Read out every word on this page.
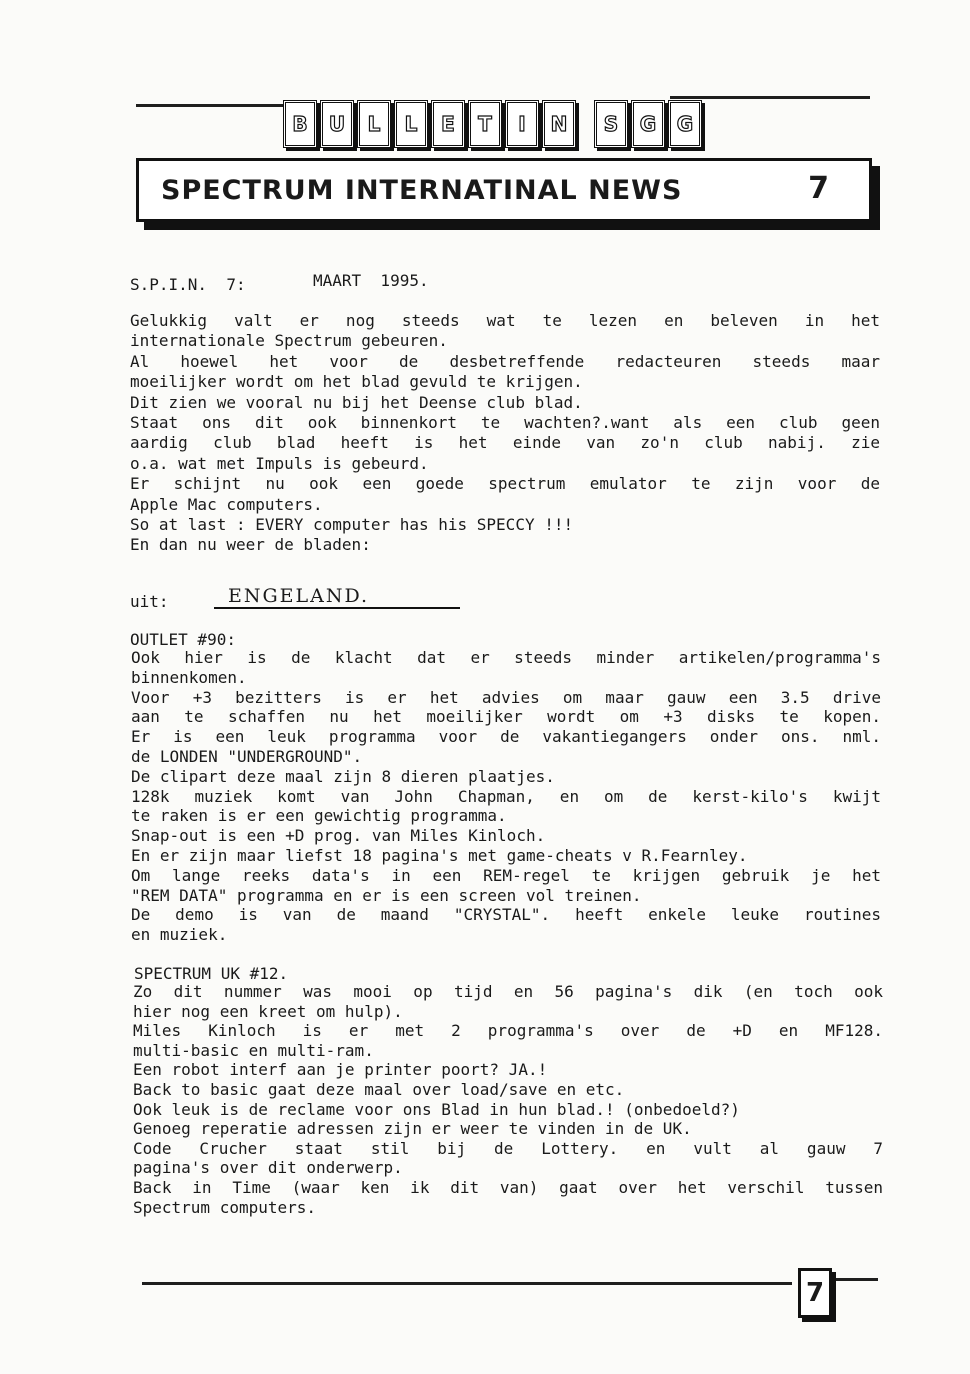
B	U	L	L	E	T	I	N	S	G	G
SPECTRUM INTERNATINAL NEWS	7
S.P.I.N.  7:	MAART  1995.
Gelukkig valt er nog steeds wat te lezen en beleven in het
internationale Spectrum gebeuren.
Al hoewel het voor de desbetreffende redacteuren steeds maar
moeilijker wordt om het blad gevuld te krijgen.
Dit zien we vooral nu bij het Deense club blad.
Staat ons dit ook binnenkort te wachten?.want als een club geen
aardig club blad heeft is het einde van zo'n club nabij. zie
o.a. wat met Impuls is gebeurd.
Er schijnt nu ook een goede spectrum emulator te zijn voor de
Apple Mac computers.
So at last : EVERY computer has his SPECCY !!!
En dan nu weer de bladen:
uit:	ENGELAND.
OUTLET #90:
Ook hier is de klacht dat er steeds minder artikelen/programma's
binnenkomen.
Voor +3 bezitters is er het advies om maar gauw een 3.5 drive
aan te schaffen nu het moeilijker wordt om +3 disks te kopen.
Er is een leuk programma voor de vakantiegangers onder ons. nml.
de LONDEN "UNDERGROUND".
De clipart deze maal zijn 8 dieren plaatjes.
128k muziek komt van John Chapman, en om de kerst-kilo's kwijt
te raken is er een gewichtig programma.
Snap-out is een +D prog. van Miles Kinloch.
En er zijn maar liefst 18 pagina's met game-cheats v R.Fearnley.
Om lange reeks data's in een REM-regel te krijgen gebruik je het
"REM DATA" programma en er is een screen vol treinen.
De demo is van de maand "CRYSTAL". heeft enkele leuke routines
en muziek.
SPECTRUM UK #12.
Zo dit nummer was mooi op tijd en 56 pagina's dik (en toch ook
hier nog een kreet om hulp).
Miles Kinloch is er met 2 programma's over de +D en MF128.
multi-basic en multi-ram.
Een robot interf aan je printer poort? JA.!
Back to basic gaat deze maal over load/save en etc.
Ook leuk is de reclame voor ons Blad in hun blad.! (onbedoeld?)
Genoeg reperatie adressen zijn er weer te vinden in de UK.
Code Crucher staat stil bij de Lottery. en vult al gauw 7
pagina's over dit onderwerp.
Back in Time (waar ken ik dit van) gaat over het verschil tussen
Spectrum computers.
7
